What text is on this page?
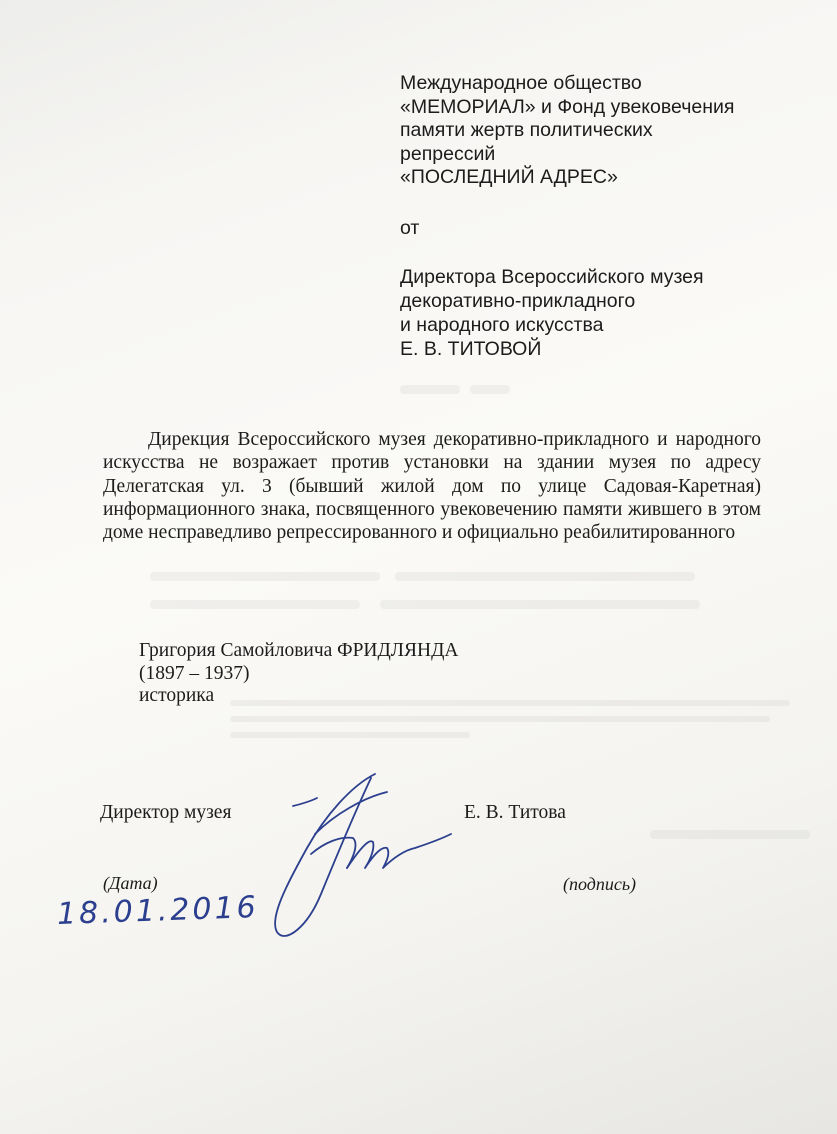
Международное общество
«МЕМОРИАЛ» и Фонд увековечения
памяти жертв политических
репрессий
«ПОСЛЕДНИЙ АДРЕС»
от
Директора Всероссийского музея
декоративно-прикладного
и народного искусства
Е. В. ТИТОВОЙ
Дирекция Всероссийского музея декоративно-прикладного и народного искусства не возражает против установки на здании музея по адресу Делегатская ул. 3 (бывший жилой дом по улице Садовая-Каретная) информационного знака, посвященного увековечению памяти жившего в этом доме несправедливо репрессированного и официально реабилитированного
Григория Самойловича ФРИДЛЯНДА
(1897 – 1937)
историка
Директор музея	Е. В. Титова
(Дата)	(подпись)
18.01.2016
